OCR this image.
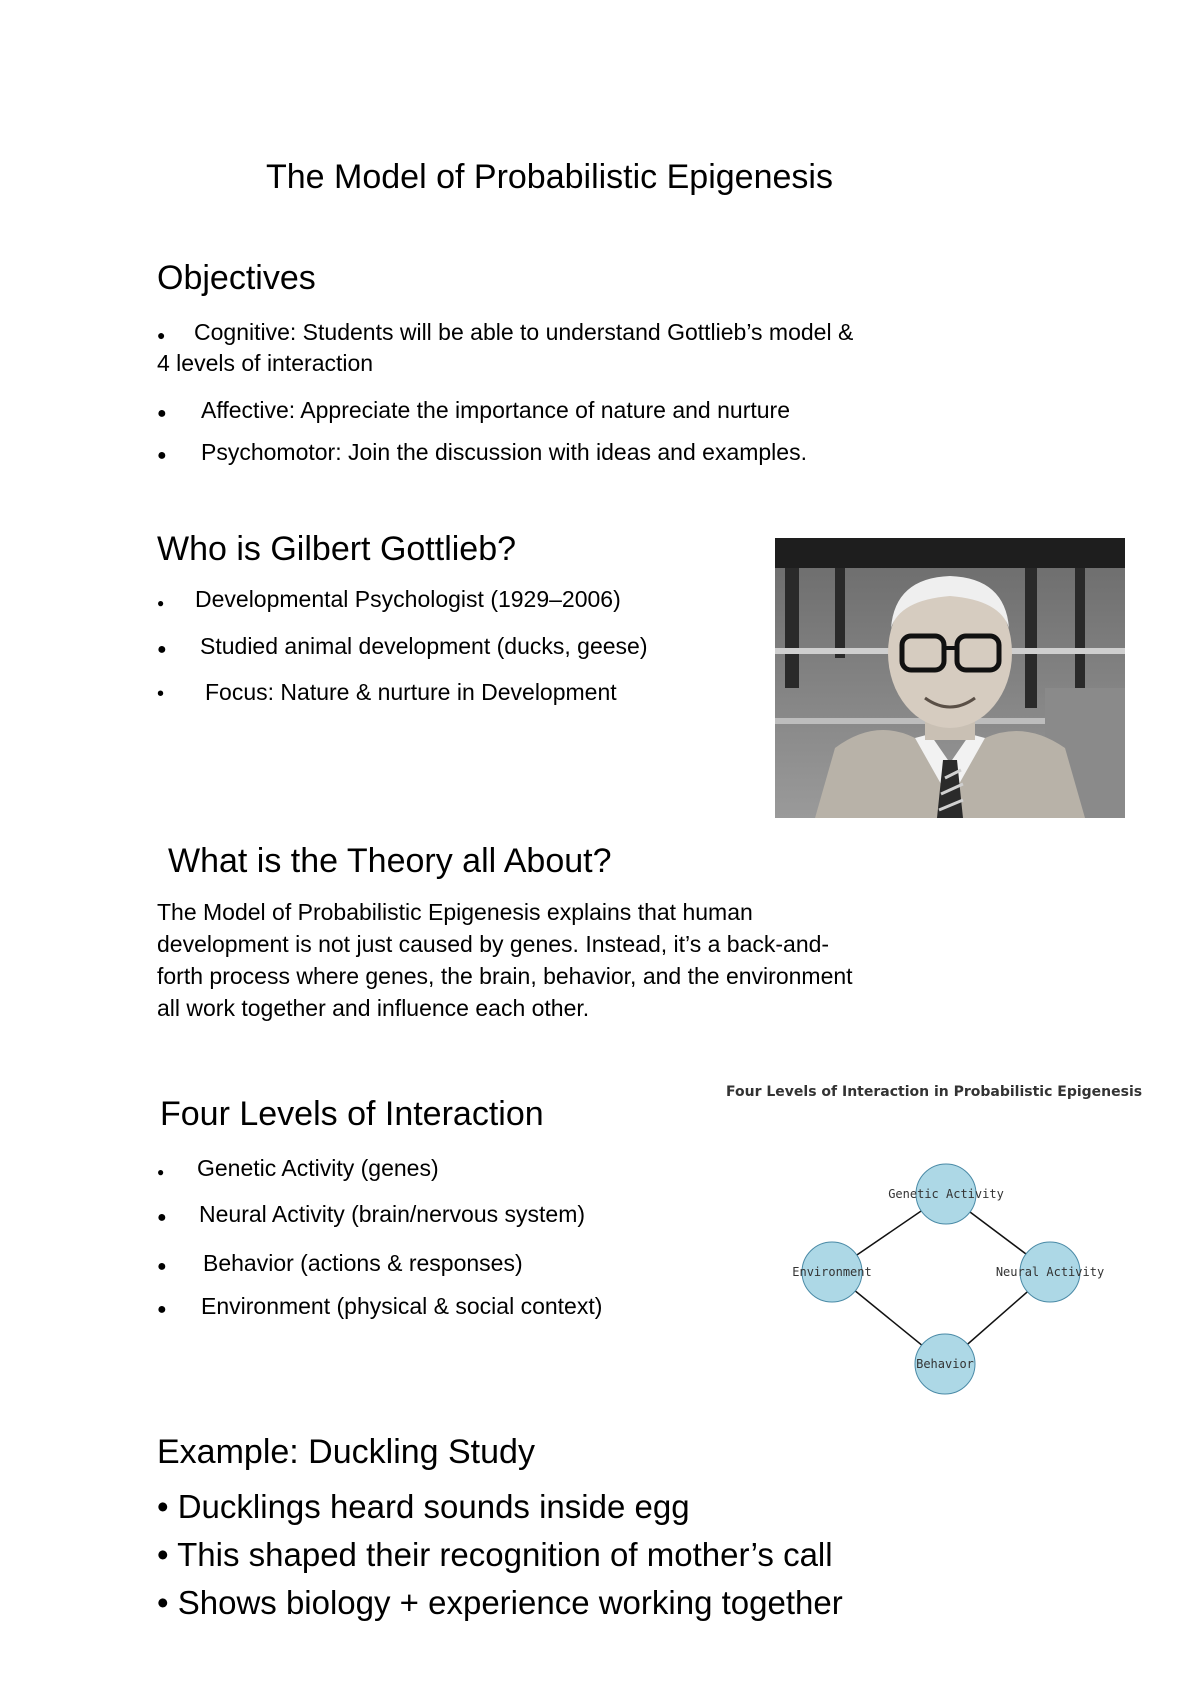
The Model of Probabilistic Epigenesis
Objectives
● Cognitive: Students will be able to understand Gottlieb’s model &
4 levels of interaction
● Affective: Appreciate the importance of nature and nurture
● Psychomotor: Join the discussion with ideas and examples.
Who is Gilbert Gottlieb?
● Developmental Psychologist (1929–2006)
● Studied animal development (ducks, geese)
• Focus: Nature & nurture in Development
What is the Theory all About?
The Model of Probabilistic Epigenesis explains that human
development is not just caused by genes. Instead, it’s a back-and-
forth process where genes, the brain, behavior, and the environment
all work together and influence each other.
Four Levels of Interaction
● Genetic Activity (genes)
● Neural Activity (brain/nervous system)
● Behavior (actions & responses)
● Environment (physical & social context)
Four Levels of Interaction in Probabilistic Epigenesis
Genetic Activity
Environment	Neural Activity
Behavior
Example: Duckling Study
• Ducklings heard sounds inside egg
• This shaped their recognition of mother’s call
• Shows biology + experience working together
